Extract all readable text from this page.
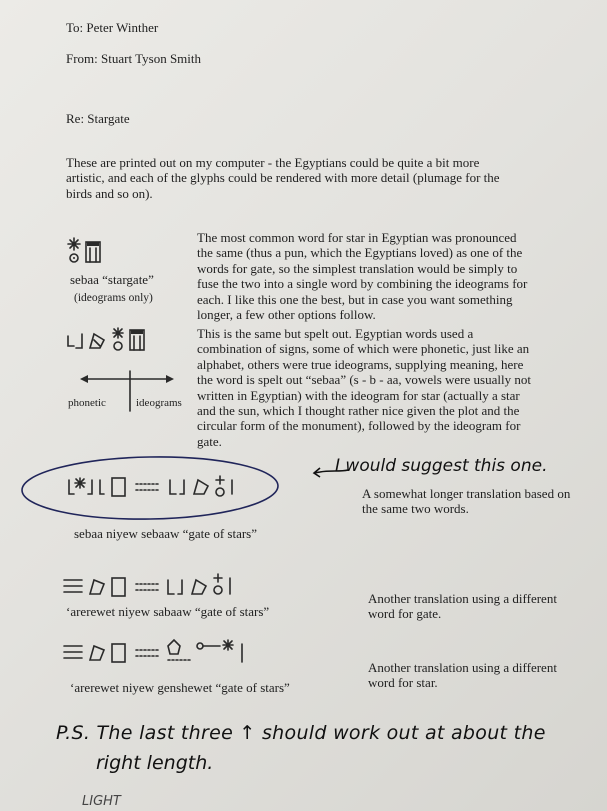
To: Peter Winther
From: Stuart Tyson Smith
Re: Stargate
These are printed out on my computer - the Egyptians could be quite a bit more
artistic, and each of the glyphs could be rendered with more detail (plumage for the
birds and so on).
sebaa “stargate”
(ideograms only)
The most common word for star in Egyptian was pronounced
the same (thus a pun, which the Egyptians loved) as one of the
words for gate, so the simplest translation would be simply to
fuse the two into a single word by combining the ideograms for
each. I like this one the best, but in case you want something
longer, a few other options follow.
phonetic	ideograms
This is the same but spelt out. Egyptian words used a
combination of signs, some of which were phonetic, just like an
alphabet, others were true ideograms, supplying meaning, here
the word is spelt out “sebaa” (s - b - aa, vowels were usually not
written in Egyptian) with the ideogram for star (actually a star
and the sun, which I thought rather nice given the plot and the
circular form of the monument), followed by the ideogram for
gate.
I would suggest this one.
A somewhat longer translation based on
the same two words.
sebaa niyew sebaaw “gate of stars”
‘arerewet niyew sabaaw “gate of stars”
Another translation using a different
word for gate.
‘arerewet niyew genshewet “gate of stars”
Another translation using a different
word for star.
P.S. The last three ↑ should work out at about the
right length.
LIGHT
